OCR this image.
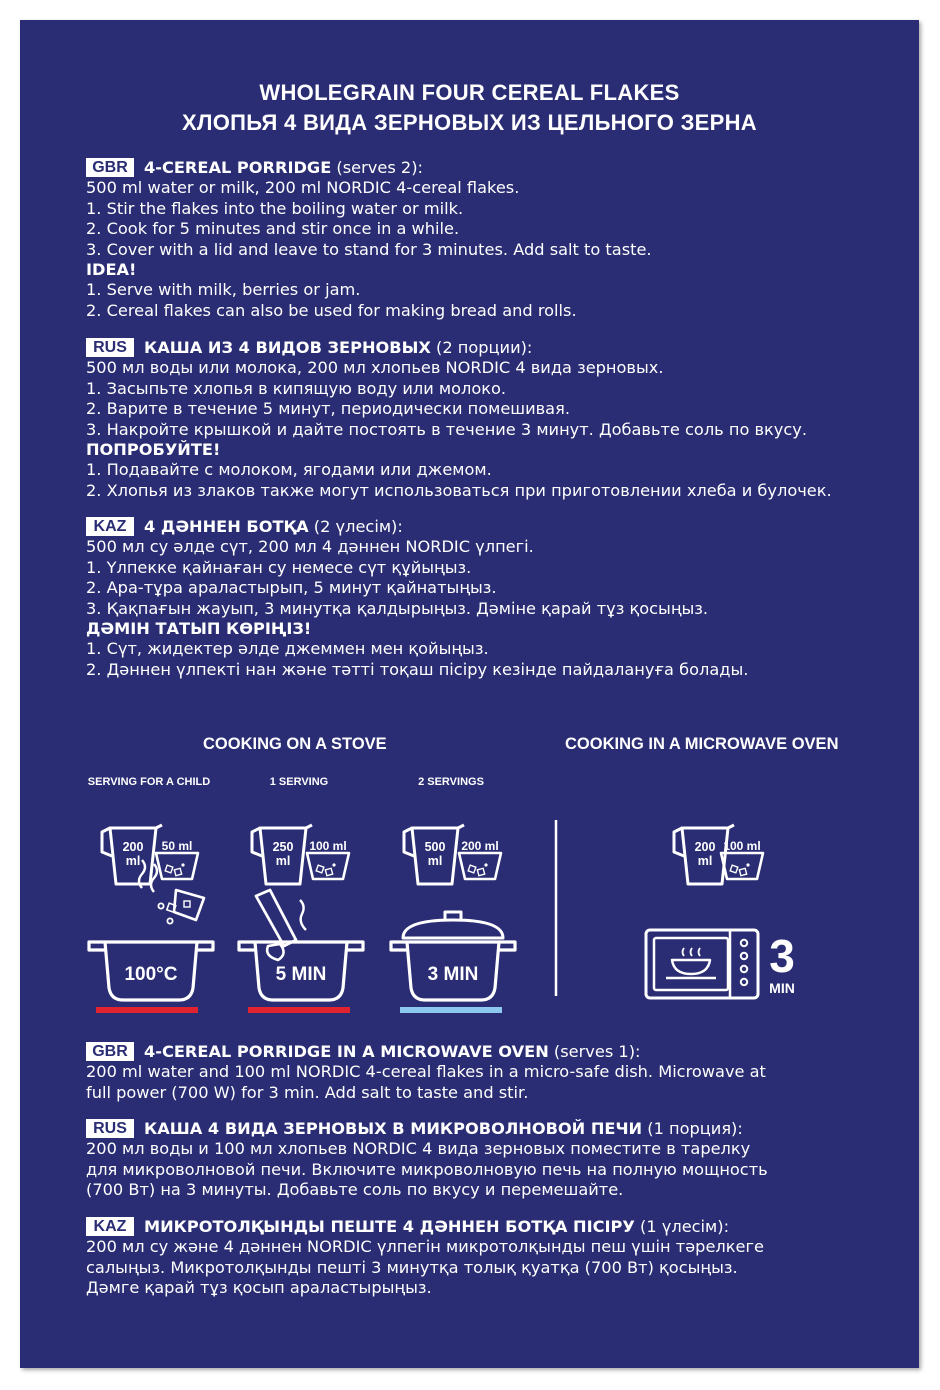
WHOLEGRAIN FOUR CEREAL FLAKES
ХЛОПЬЯ 4 ВИДА ЗЕРНОВЫХ ИЗ ЦЕЛЬНОГО ЗЕРНА
GBR 4-CEREAL PORRIDGE (serves 2):
500 ml water or milk, 200 ml NORDIC 4-cereal flakes.
1. Stir the flakes into the boiling water or milk.
2. Cook for 5 minutes and stir once in a while.
3. Cover with a lid and leave to stand for 3 minutes. Add salt to taste.
IDEA!
1. Serve with milk, berries or jam.
2. Cereal flakes can also be used for making bread and rolls.
RUS КАША ИЗ 4 ВИДОВ ЗЕРНОВЫХ (2 порции):
500 мл воды или молока, 200 мл хлопьев NORDIC 4 вида зерновых.
1. Засыпьте хлопья в кипящую воду или молоко.
2. Варите в течение 5 минут, периодически помешивая.
3. Накройте крышкой и дайте постоять в течение 3 минут. Добавьте соль по вкусу.
ПОПРОБУЙТЕ!
1. Подавайте с молоком, ягодами или джемом.
2. Хлопья из злаков также могут использоваться при приготовлении хлеба и булочек.
KAZ 4 ДӘННЕН БОТҚА (2 үлесім):
500 мл су әлде сүт, 200 мл 4 дәннен NORDIC үлпегі.
1. Үлпекке қайнаған су немесе сүт құйыңыз.
2. Ара-тұра араластырып, 5 минут қайнатыңыз.
3. Қақпағын жауып, 3 минутқа қалдырыңыз. Дәміне қарай тұз қосыңыз.
ДӘМІН ТАТЫП КӨРІҢІЗ!
1. Сүт, жидектер әлде джеммен мен қойыңыз.
2. Дәннен үлпекті нан және тәтті тоқаш пісіру кезінде пайдалануға болады.
COOKING ON A STOVE	COOKING IN A MICROWAVE OVEN
SERVING FOR A CHILD	1 SERVING	2 SERVINGS
200
ml
50 ml	250
ml
100 ml	500
ml
200 ml	200
ml
100 ml
100°C	5 MIN	3 MIN	3
MIN
GBR 4-CEREAL PORRIDGE IN A MICROWAVE OVEN (serves 1):
200 ml water and 100 ml NORDIC 4-cereal flakes in a micro-safe dish. Microwave at
full power (700 W) for 3 min. Add salt to taste and stir.
RUS КАША 4 ВИДА ЗЕРНОВЫХ В МИКРОВОЛНОВОЙ ПЕЧИ (1 порция):
200 мл воды и 100 мл хлопьев NORDIC 4 вида зерновых поместите в тарелку
для микроволновой печи. Включите микроволновую печь на полную мощность
(700 Вт) на 3 минуты. Добавьте соль по вкусу и перемешайте.
KAZ МИКРОТОЛҚЫНДЫ ПЕШТЕ 4 ДӘННЕН БОТҚА ПІСІРУ (1 үлесім):
200 мл су және 4 дәннен NORDIC үлпегін микротолқынды пеш үшін тәрелкеге
салыңыз. Микротолқынды пешті 3 минутқа толық қуатқа (700 Вт) қосыңыз.
Дәмге қарай тұз қосып араластырыңыз.
